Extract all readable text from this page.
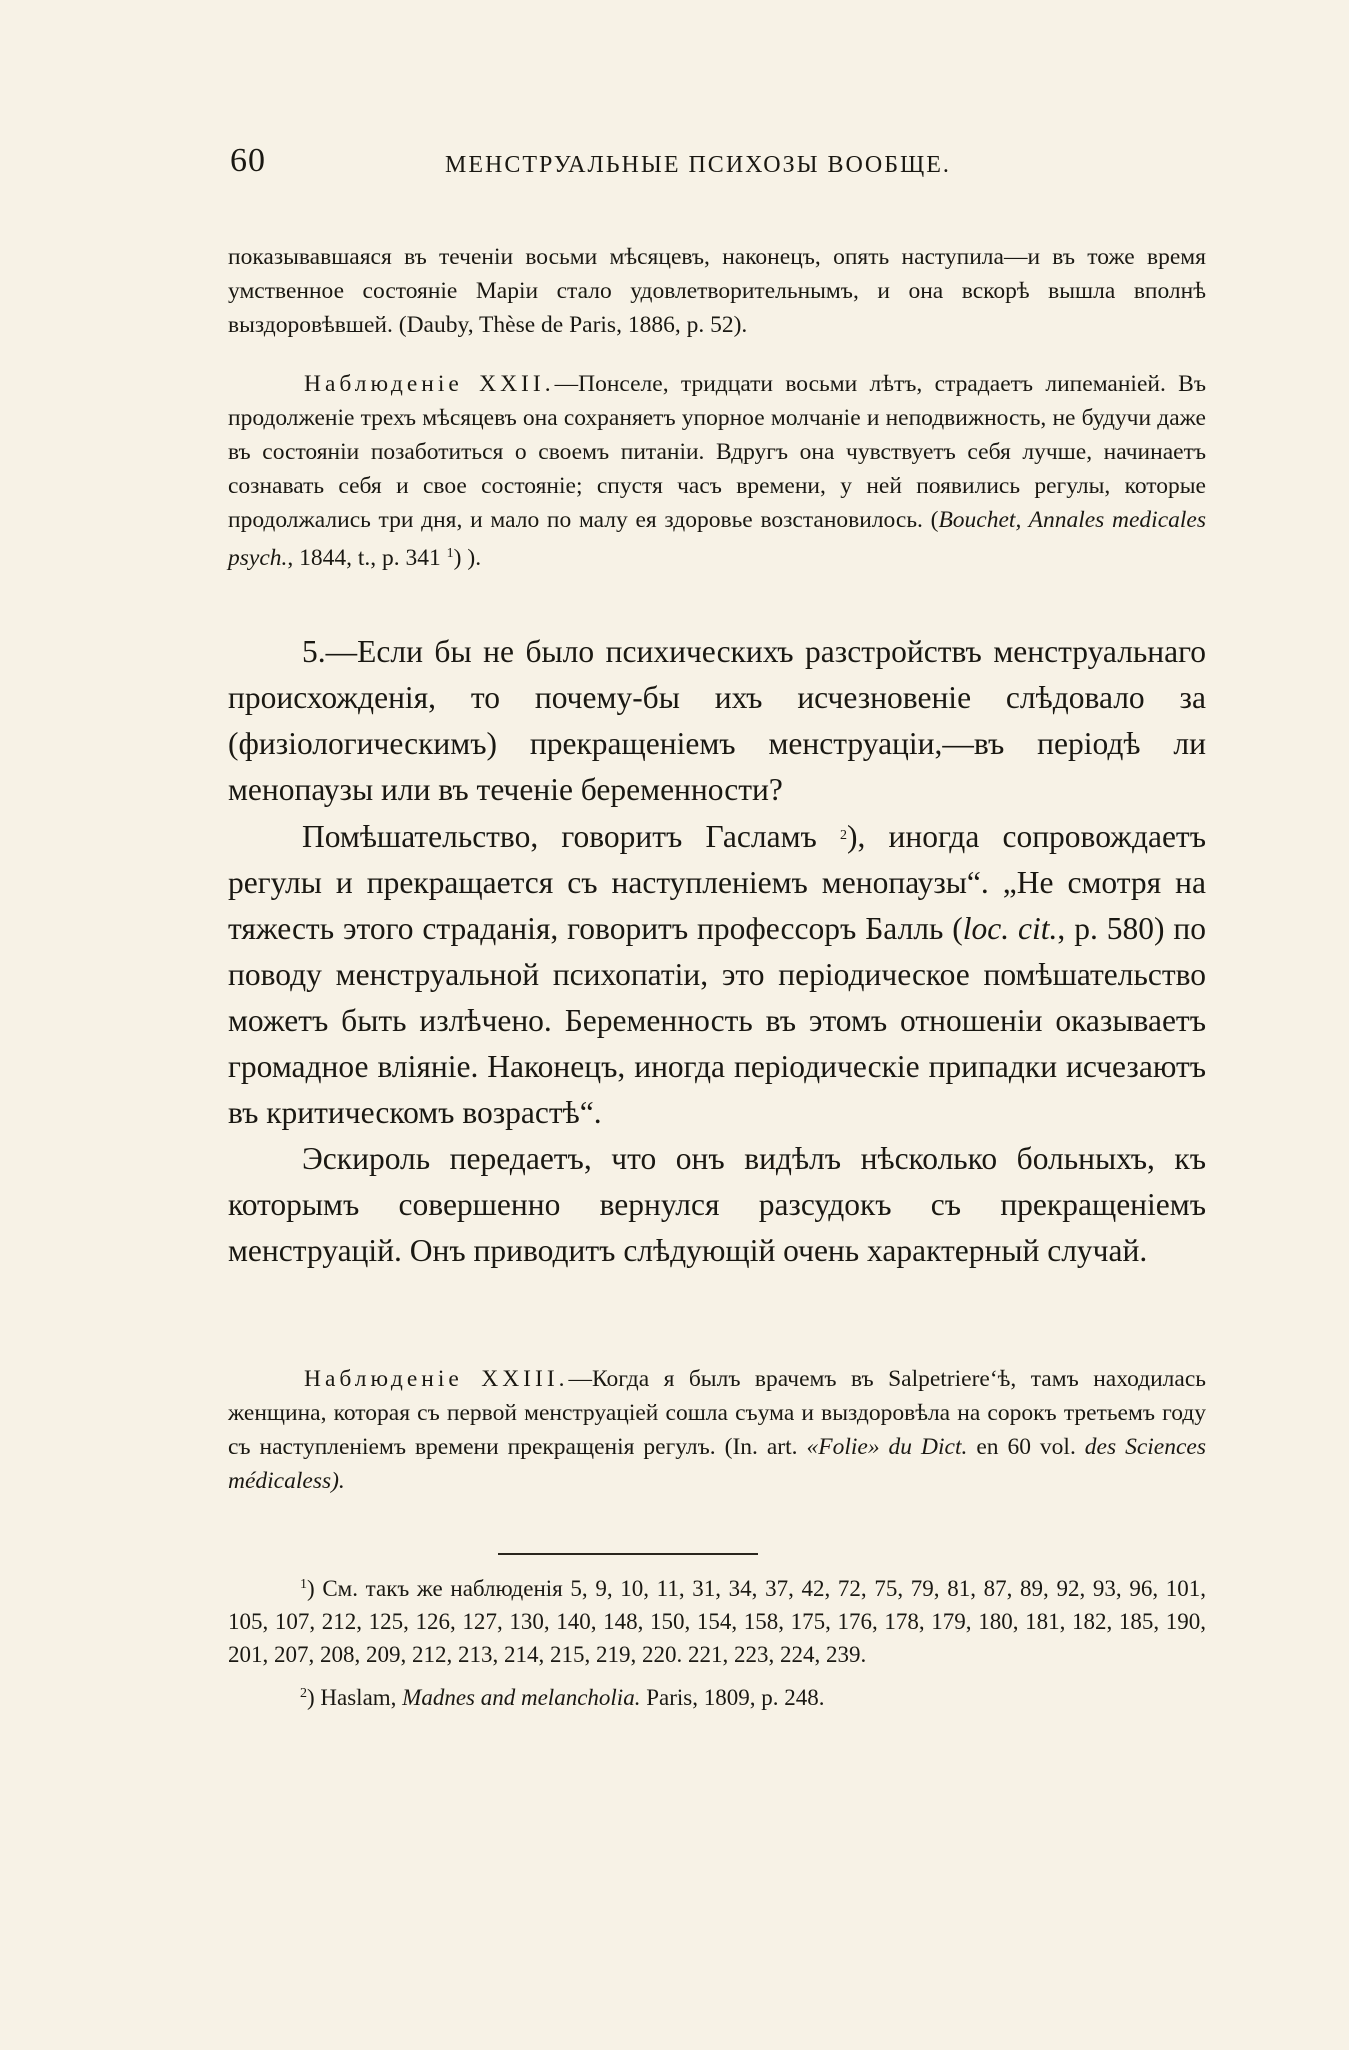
60	МЕНСТРУАЛЬНЫЕ ПСИХОЗЫ ВООБЩЕ.

показывавшаяся въ теченіи восьми мѣсяцевъ, наконецъ, опять наступила—и въ тоже время умственное состояніе Маріи стало удовлетворительнымъ, и она вскорѣ вышла вполнѣ выздоровѣвшей. (Dauby, Thèse de Paris, 1886, p. 52).

Наблюденіе XXII.—Понселе, тридцати восьми лѣтъ, страдаетъ липеманіей. Въ продолженіе трехъ мѣсяцевъ она сохраняетъ упорное молчаніе и неподвижность, не будучи даже въ состояніи позаботиться о своемъ питаніи. Вдругъ она чувствуетъ себя лучше, начинаетъ сознавать себя и свое состояніе; спустя часъ времени, у ней появились регулы, которые продолжались три дня, и мало по малу ея здоровье возстановилось. (Bouchet, Annales medicales psych., 1844, t., p. 341 $^1$) ).

5.—Если бы не было психическихъ разстройствъ менструальнаго происхожденія, то почему-бы ихъ исчезновеніе слѣдовало за (физіологическимъ) прекращеніемъ менструаціи,—въ періодѣ ли менопаузы или въ теченіе беременности?

Помѣшательство, говоритъ Гасламъ $^2$), иногда сопровождаетъ регулы и прекращается съ наступленіемъ менопаузы“. „Не смотря на тяжесть этого страданія, говоритъ профессоръ Балль (loc. cit., p. 580) по поводу менструальной психопатіи, это періодическое помѣшательство можетъ быть излѣчено. Беременность въ этомъ отношеніи оказываетъ громадное вліяніе. Наконецъ, иногда періодическіе припадки исчезаютъ въ критическомъ возрастѣ“.

Эскироль передаетъ, что онъ видѣлъ нѣсколько больныхъ, къ которымъ совершенно вернулся разсудокъ съ прекращеніемъ менструацій. Онъ приводитъ слѣдующій очень характерный случай.

Наблюденіе XXIII.—Когда я былъ врачемъ въ Salpetriere‘ѣ, тамъ находилась женщина, которая съ первой менструаціей сошла съума и выздоровѣла на сорокъ третьемъ году съ наступленіемъ времени прекращенія регулъ. (In. art. «Folie» du Dict. en 60 vol. des Sciences médicaless).

$^1$) См. такъ же наблюденія 5, 9, 10, 11, 31, 34, 37, 42, 72, 75, 79, 81, 87, 89, 92, 93, 96, 101, 105, 107, 212, 125, 126, 127, 130, 140, 148, 150, 154, 158, 175, 176, 178, 179, 180, 181, 182, 185, 190, 201, 207, 208, 209, 212, 213, 214, 215, 219, 220. 221, 223, 224, 239.

$^2$) Haslam, Madnes and melancholia. Paris, 1809, p. 248.
